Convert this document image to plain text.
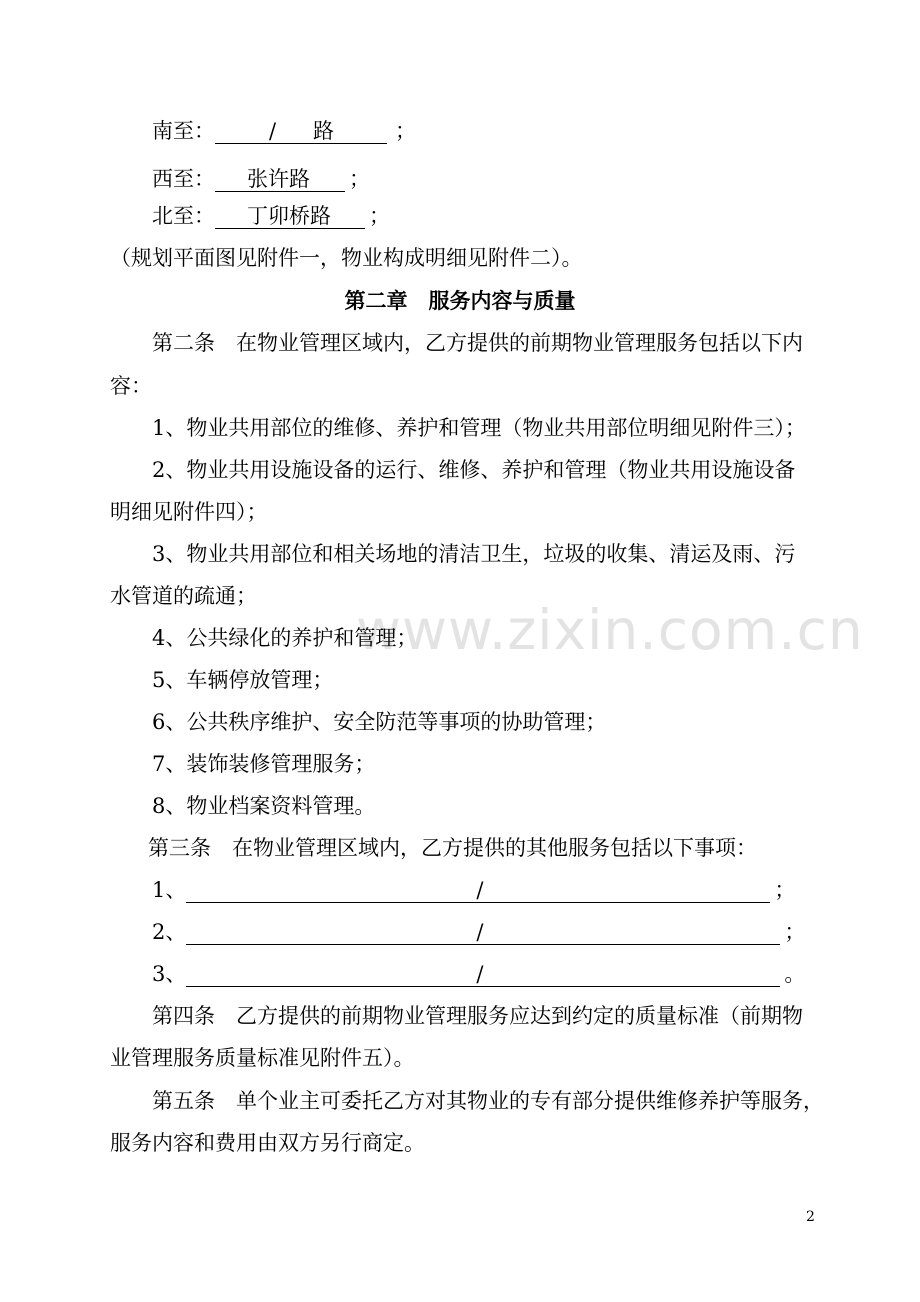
www.zixin.com.cn
南至：	/ 路	；
西至： 张许路 ；
北至： 丁卯桥路 ；
（规划平面图见附件一，物业构成明细见附件二）。
第二章　服务内容与质量
第二条　在物业管理区域内，乙方提供的前期物业管理服务包括以下内
容：
1、物业共用部位的维修、养护和管理（物业共用部位明细见附件三）；
2、物业共用设施设备的运行、维修、养护和管理（物业共用设施设备
明细见附件四）；
3、物业共用部位和相关场地的清洁卫生，垃圾的收集、清运及雨、污
水管道的疏通；
4、公共绿化的养护和管理；
5、车辆停放管理；
6、公共秩序维护、安全防范等事项的协助管理；
7、装饰装修管理服务；
8、物业档案资料管理。
第三条　在物业管理区域内，乙方提供的其他服务包括以下事项：
1、	/	；
2、	/	；
3、	/	。
第四条　乙方提供的前期物业管理服务应达到约定的质量标准（前期物
业管理服务质量标准见附件五）。
第五条　单个业主可委托乙方对其物业的专有部分提供维修养护等服务，
服务内容和费用由双方另行商定。
2
